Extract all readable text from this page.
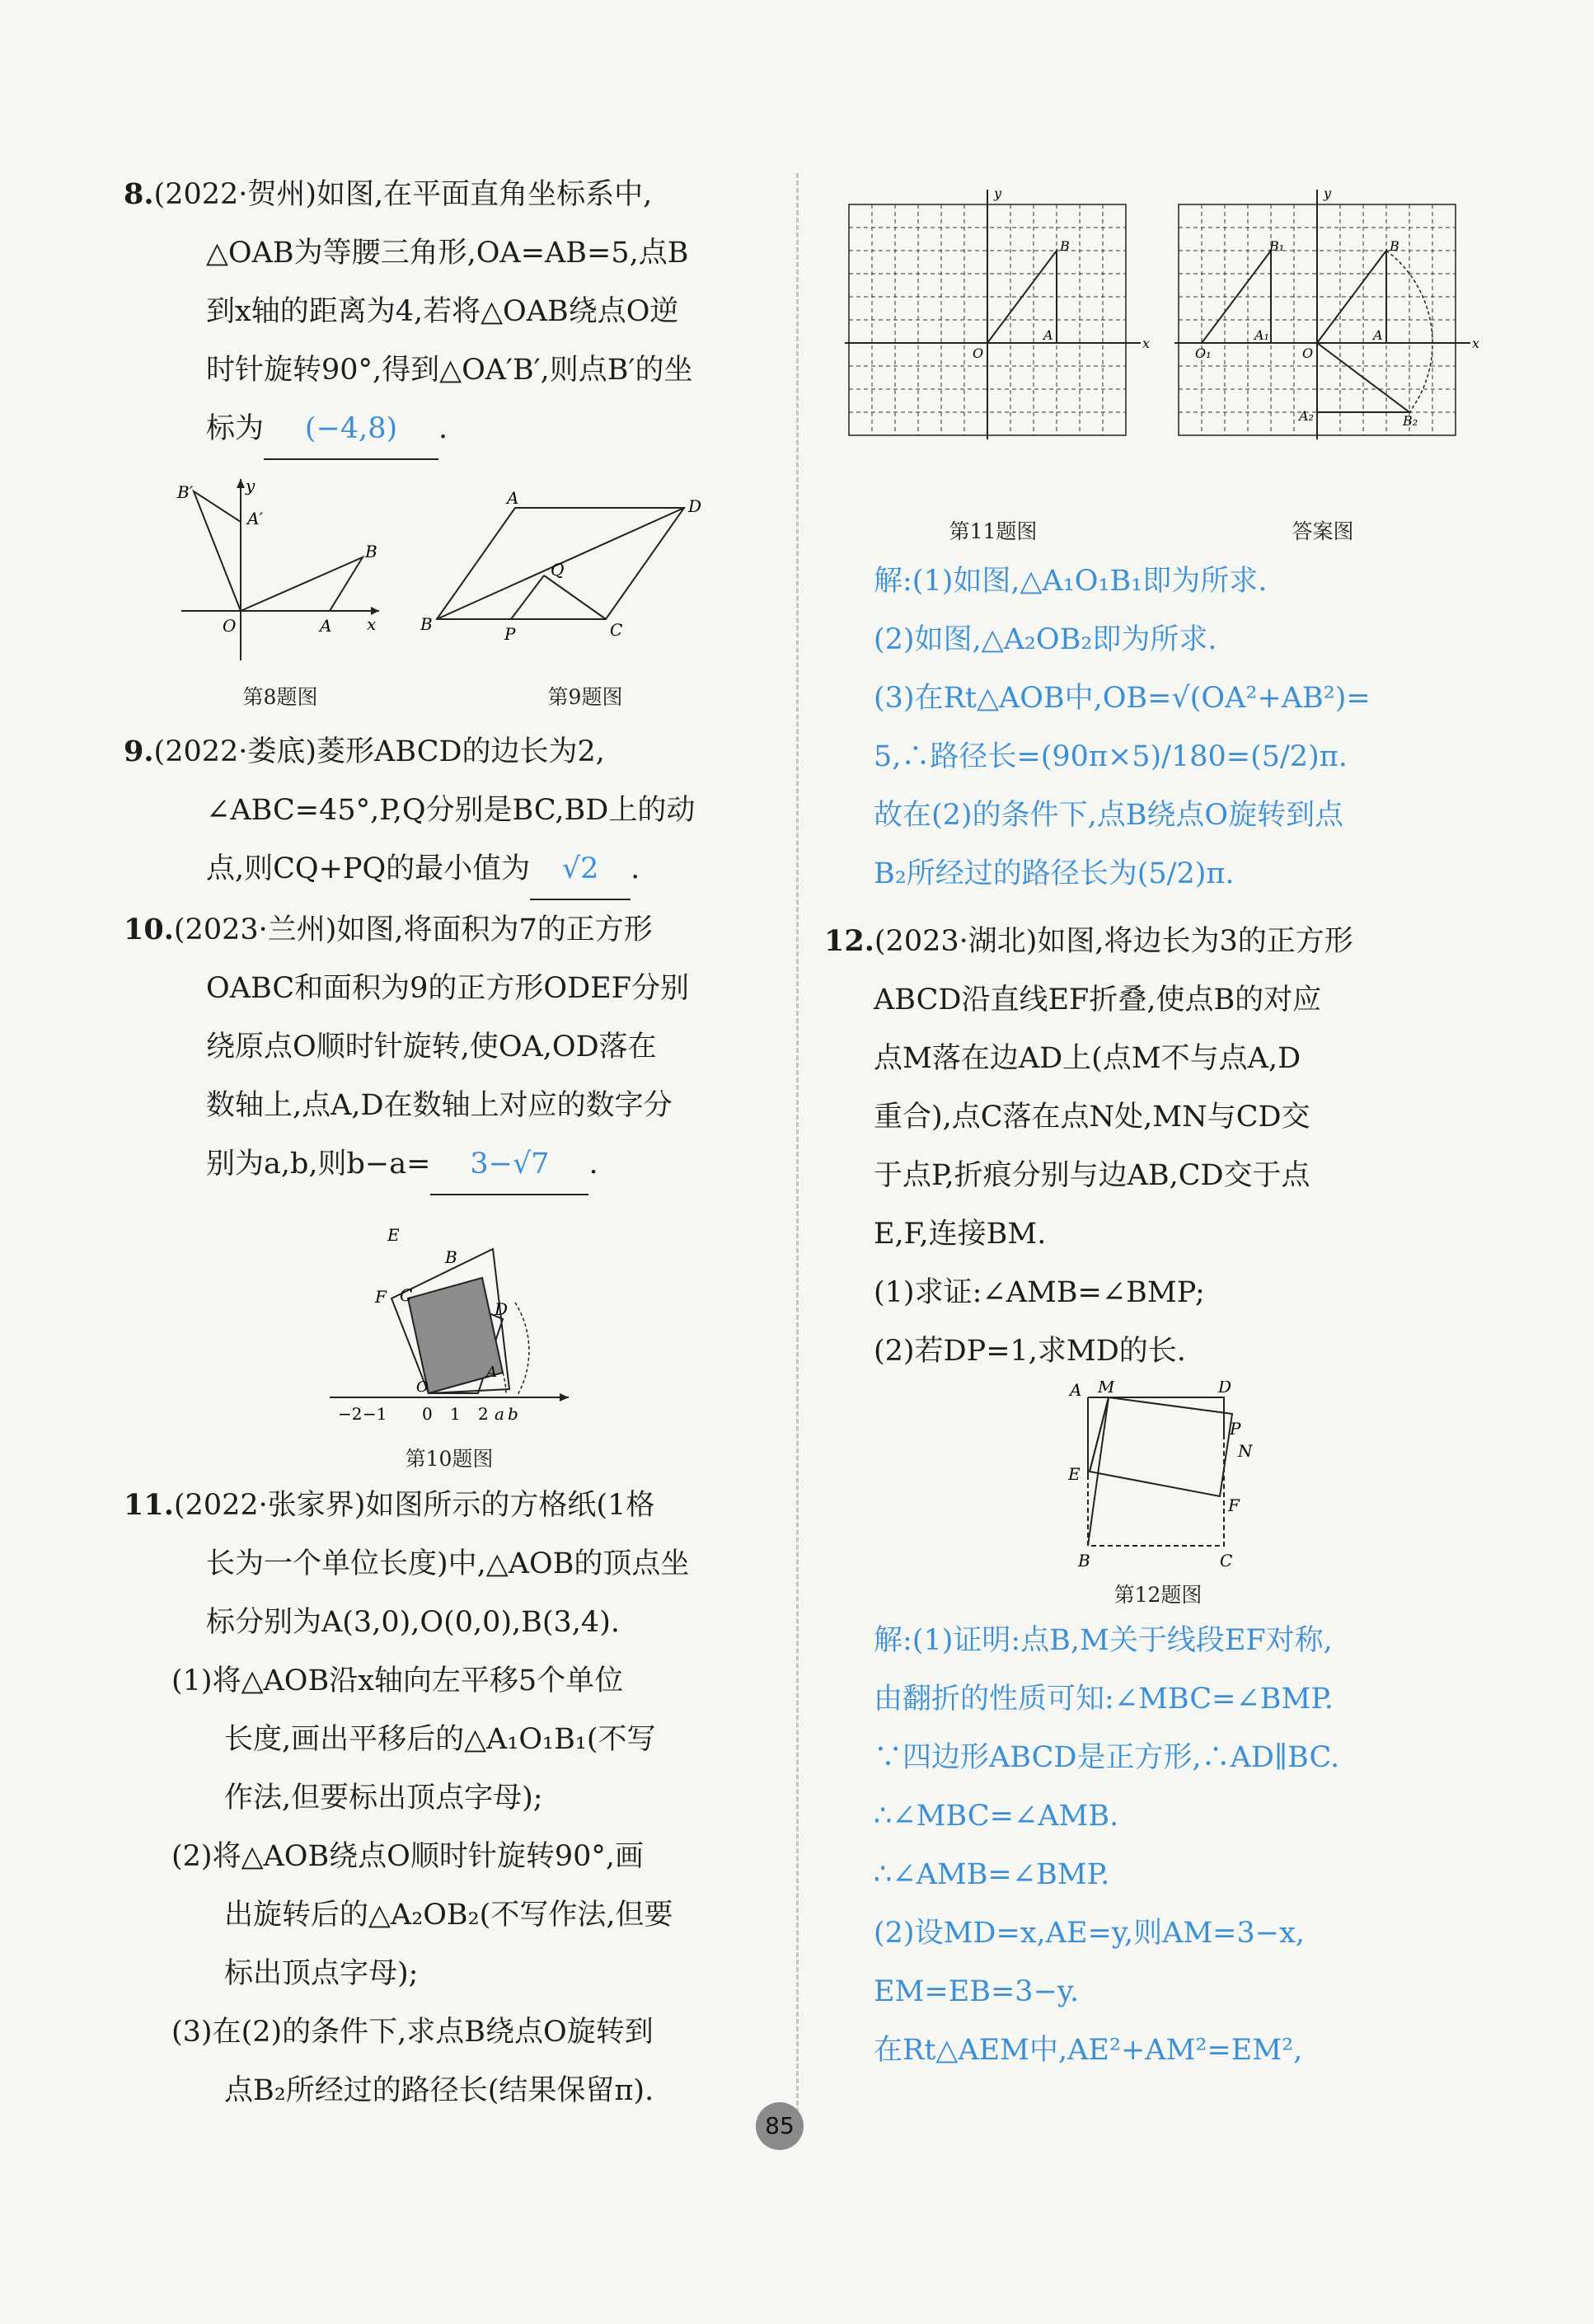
8.(2022·贺州)如图,在平面直角坐标系中,

△OAB为等腰三角形,OA=AB=5,点B

到x轴的距离为4,若将△OAB绕点O逆

时针旋转90°,得到△OA′B′,则点B′的坐

标为 (−4,8) .

y
x
O	A
B
A′
B′
B
A	D
C
P
Q
第8题图	第9题图

9.(2022·娄底)菱形ABCD的边长为2,

∠ABC=45°,P,Q分别是BC,BD上的动

点,则CQ+PQ的最小值为 √2 .

10.(2023·兰州)如图,将面积为7的正方形

OABC和面积为9的正方形ODEF分别

绕原点O顺时针旋转,使OA,OD落在

数轴上,点A,D在数轴上对应的数字分

别为a,b,则b−a= 3−√7 .

E
B
F C
D
A
O
−2 −1 0 1 2 a b
第10题图

11.(2022·张家界)如图所示的方格纸(1格

长为一个单位长度)中,△AOB的顶点坐

标分别为A(3,0),O(0,0),B(3,4).

(1)将△AOB沿x轴向左平移5个单位

长度,画出平移后的△A₁O₁B₁(不写

作法,但要标出顶点字母);

(2)将△AOB绕点O顺时针旋转90°,画

出旋转后的△A₂OB₂(不写作法,但要

标出顶点字母);

(3)在(2)的条件下,求点B绕点O旋转到

点B₂所经过的路径长(结果保留π).

O
A
B
x
y
O
A
B
x
y
O₁
A₁
B₁
A₂	B₂
第11题图	答案图

解:(1)如图,△A₁O₁B₁即为所求.

(2)如图,△A₂OB₂即为所求.

(3)在Rt△AOB中,OB=√(OA²+AB²)=

5,∴路径长=(90π×5)/180=(5/2)π.

故在(2)的条件下,点B绕点O旋转到点

B₂所经过的路径长为(5/2)π.

12.(2023·湖北)如图,将边长为3的正方形

ABCD沿直线EF折叠,使点B的对应

点M落在边AD上(点M不与点A,D

重合),点C落在点N处,MN与CD交

于点P,折痕分别与边AB,CD交于点

E,F,连接BM.

(1)求证:∠AMB=∠BMP;

(2)若DP=1,求MD的长.

A M	D
P
N
E
F
B	C
第12题图

解:(1)证明:点B,M关于线段EF对称,

由翻折的性质可知:∠MBC=∠BMP.

∵四边形ABCD是正方形,∴AD∥BC.

∴∠MBC=∠AMB.

∴∠AMB=∠BMP.

(2)设MD=x,AE=y,则AM=3−x,

EM=EB=3−y.

在Rt△AEM中,AE²+AM²=EM²,

85
